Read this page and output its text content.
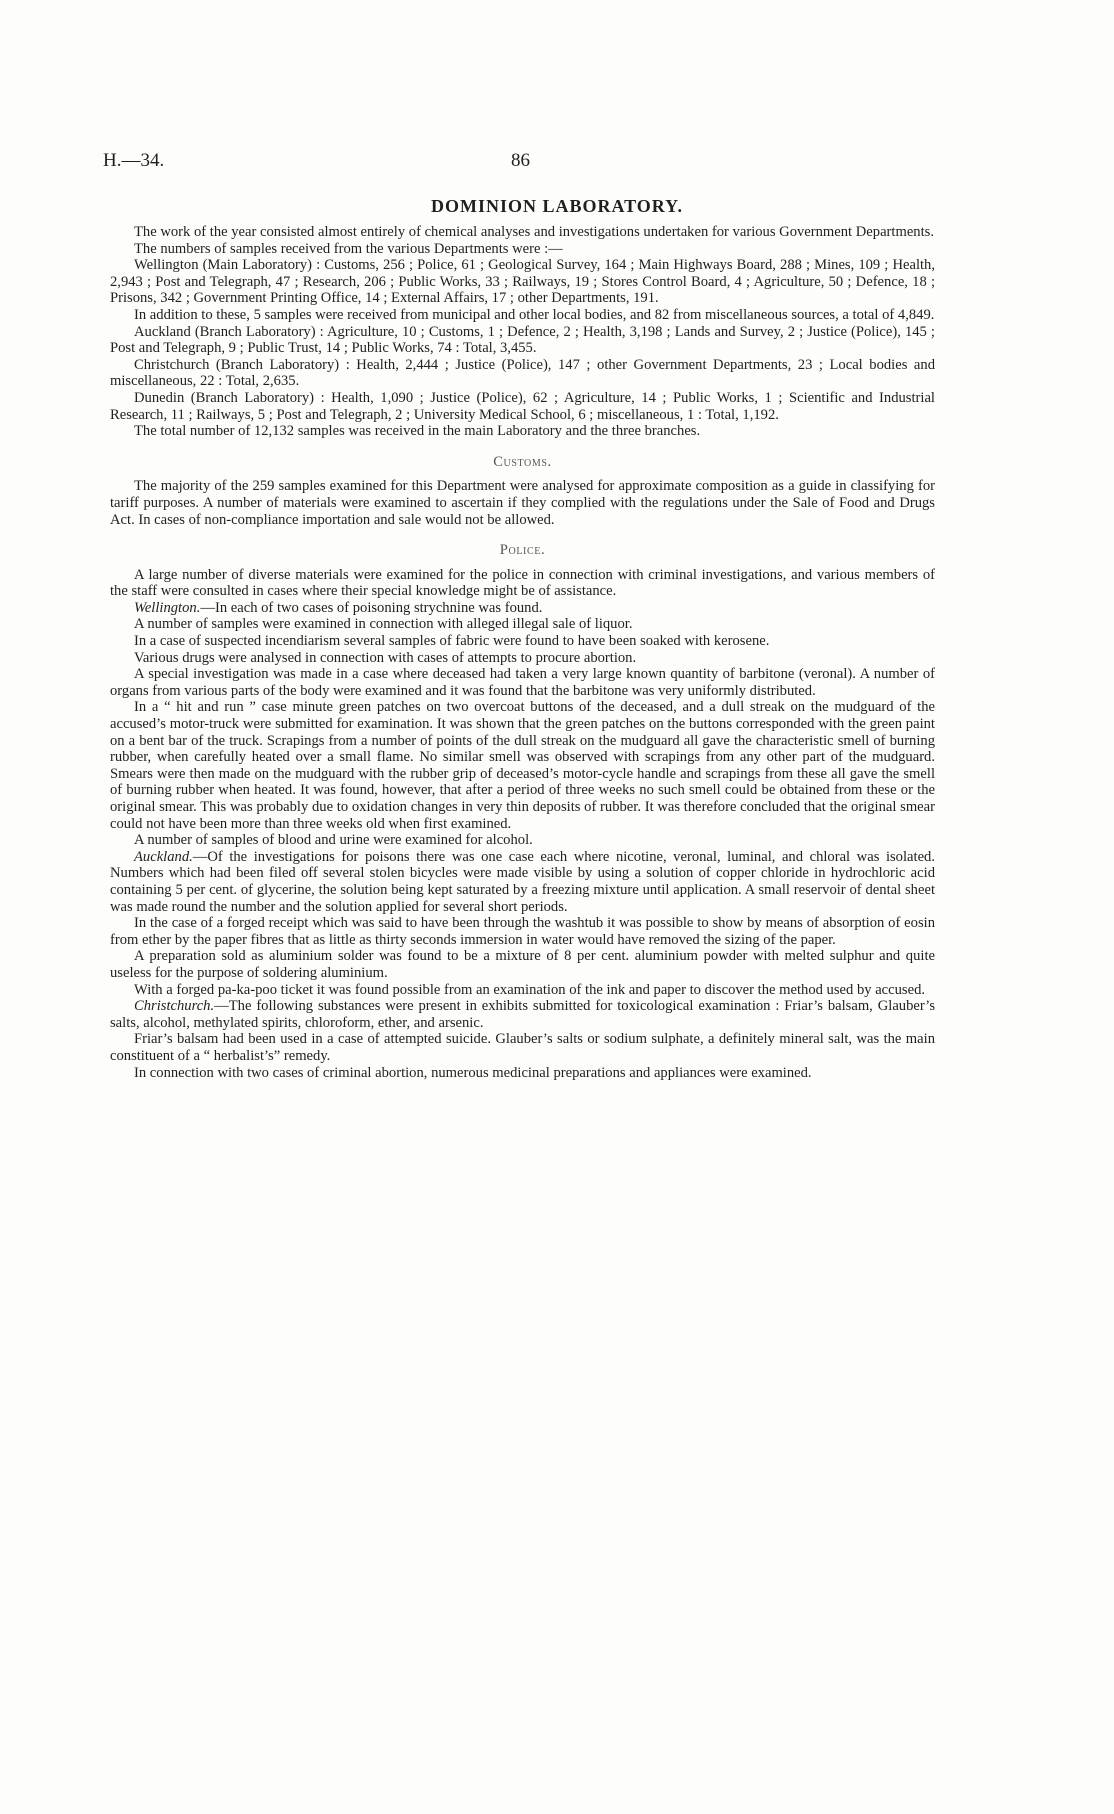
H.—34.	86
DOMINION LABORATORY.

The work of the year consisted almost entirely of chemical analyses and investigations undertaken for various Government Departments.

The numbers of samples received from the various Departments were :—

Wellington (Main Laboratory) : Customs, 256 ; Police, 61 ; Geological Survey, 164 ; Main Highways Board, 288 ; Mines, 109 ; Health, 2,943 ; Post and Telegraph, 47 ; Research, 206 ; Public Works, 33 ; Railways, 19 ; Stores Control Board, 4 ; Agriculture, 50 ; Defence, 18 ; Prisons, 342 ; Government Printing Office, 14 ; External Affairs, 17 ; other Departments, 191.

In addition to these, 5 samples were received from municipal and other local bodies, and 82 from miscellaneous sources, a total of 4,849.

Auckland (Branch Laboratory) : Agriculture, 10 ; Customs, 1 ; Defence, 2 ; Health, 3,198 ; Lands and Survey, 2 ; Justice (Police), 145 ; Post and Telegraph, 9 ; Public Trust, 14 ; Public Works, 74 : Total, 3,455.

Christchurch (Branch Laboratory) : Health, 2,444 ; Justice (Police), 147 ; other Government Departments, 23 ; Local bodies and miscellaneous, 22 : Total, 2,635.

Dunedin (Branch Laboratory) : Health, 1,090 ; Justice (Police), 62 ; Agriculture, 14 ; Public Works, 1 ; Scientific and Industrial Research, 11 ; Railways, 5 ; Post and Telegraph, 2 ; University Medical School, 6 ; miscellaneous, 1 : Total, 1,192.

The total number of 12,132 samples was received in the main Laboratory and the three branches.

Customs.

The majority of the 259 samples examined for this Department were analysed for approximate composition as a guide in classifying for tariff purposes. A number of materials were examined to ascertain if they complied with the regulations under the Sale of Food and Drugs Act. In cases of non-compliance importation and sale would not be allowed.

Police.

A large number of diverse materials were examined for the police in connection with criminal investigations, and various members of the staff were consulted in cases where their special knowledge might be of assistance.

Wellington.—In each of two cases of poisoning strychnine was found.

A number of samples were examined in connection with alleged illegal sale of liquor.

In a case of suspected incendiarism several samples of fabric were found to have been soaked with kerosene.

Various drugs were analysed in connection with cases of attempts to procure abortion.

A special investigation was made in a case where deceased had taken a very large known quantity of barbitone (veronal). A number of organs from various parts of the body were examined and it was found that the barbitone was very uniformly distributed.

In a “ hit and run ” case minute green patches on two overcoat buttons of the deceased, and a dull streak on the mudguard of the accused’s motor-truck were submitted for examination. It was shown that the green patches on the buttons corresponded with the green paint on a bent bar of the truck. Scrapings from a number of points of the dull streak on the mudguard all gave the characteristic smell of burning rubber, when carefully heated over a small flame. No similar smell was observed with scrapings from any other part of the mudguard. Smears were then made on the mudguard with the rubber grip of deceased’s motor-cycle handle and scrapings from these all gave the smell of burning rubber when heated. It was found, however, that after a period of three weeks no such smell could be obtained from these or the original smear. This was probably due to oxidation changes in very thin deposits of rubber. It was therefore concluded that the original smear could not have been more than three weeks old when first examined.

A number of samples of blood and urine were examined for alcohol.

Auckland.—Of the investigations for poisons there was one case each where nicotine, veronal, luminal, and chloral was isolated. Numbers which had been filed off several stolen bicycles were made visible by using a solution of copper chloride in hydrochloric acid containing 5 per cent. of glycerine, the solution being kept saturated by a freezing mixture until application. A small reservoir of dental sheet was made round the number and the solution applied for several short periods.

In the case of a forged receipt which was said to have been through the washtub it was possible to show by means of absorption of eosin from ether by the paper fibres that as little as thirty seconds immersion in water would have removed the sizing of the paper.

A preparation sold as aluminium solder was found to be a mixture of 8 per cent. aluminium powder with melted sulphur and quite useless for the purpose of soldering aluminium.

With a forged pa-ka-poo ticket it was found possible from an examination of the ink and paper to discover the method used by accused.

Christchurch.—The following substances were present in exhibits submitted for toxicological examination : Friar’s balsam, Glauber’s salts, alcohol, methylated spirits, chloroform, ether, and arsenic.

Friar’s balsam had been used in a case of attempted suicide. Glauber’s salts or sodium sulphate, a definitely mineral salt, was the main constituent of a “ herbalist’s” remedy.

In connection with two cases of criminal abortion, numerous medicinal preparations and appliances were examined.
